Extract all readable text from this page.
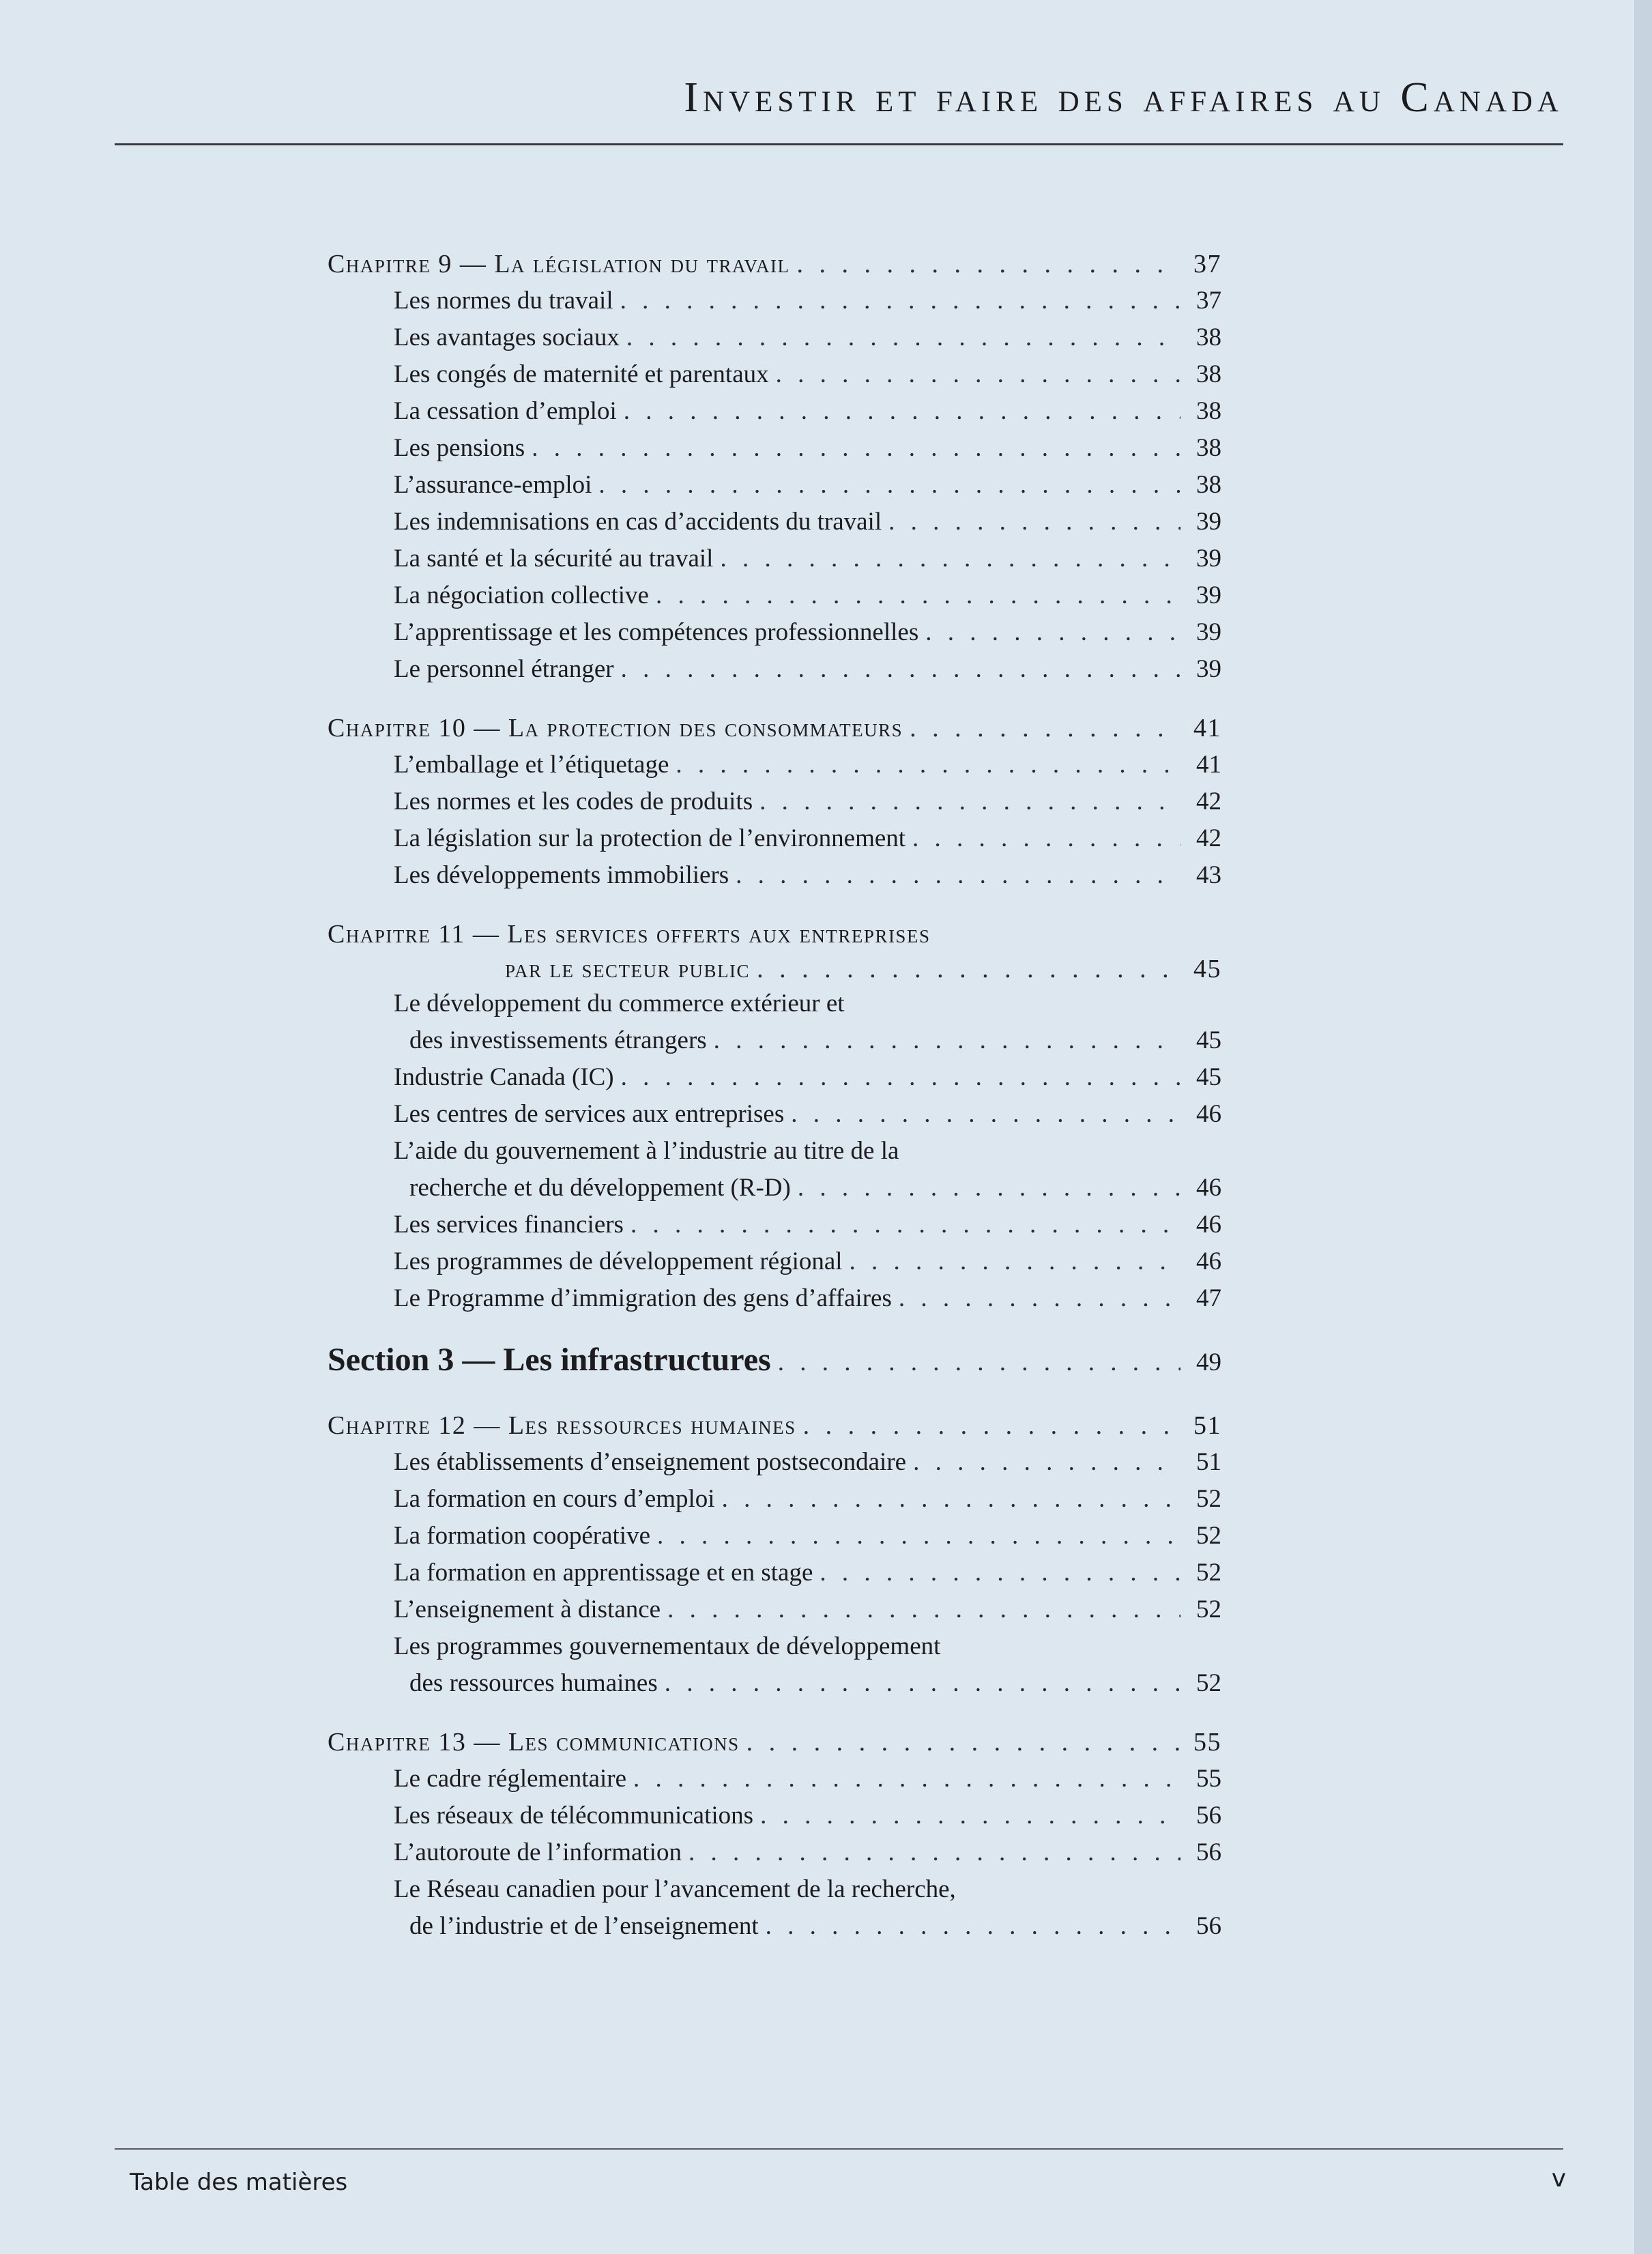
Investir et faire des affaires au Canada
Chapitre 9 — La législation du travail . . .	37
Les normes du travail . . .	37
Les avantages sociaux . . .	38
Les congés de maternité et parentaux . . .	38
La cessation d’emploi . . .	38
Les pensions . . .	38
L’assurance-emploi . . .	38
Les indemnisations en cas d’accidents du travail . . .	39
La santé et la sécurité au travail . . .	39
La négociation collective . . .	39
L’apprentissage et les compétences professionnelles . . .	39
Le personnel étranger . . .	39
Chapitre 10 — La protection des consommateurs . . .	41
L’emballage et l’étiquetage . . .	41
Les normes et les codes de produits . . .	42
La législation sur la protection de l’environnement . . .	42
Les développements immobiliers . . .	43
Chapitre 11 — Les services offerts aux entreprises
par le secteur public . . .	45
Le développement du commerce extérieur et
des investissements étrangers . . .	45
Industrie Canada (IC) . . .	45
Les centres de services aux entreprises . . .	46
L’aide du gouvernement à l’industrie au titre de la
recherche et du développement (R-D) . . .	46
Les services financiers . . .	46
Les programmes de développement régional . . .	46
Le Programme d’immigration des gens d’affaires . . .	47
Section 3 — Les infrastructures . . .	49
Chapitre 12 — Les ressources humaines . . .	51
Les établissements d’enseignement postsecondaire . . .	51
La formation en cours d’emploi . . .	52
La formation coopérative . . .	52
La formation en apprentissage et en stage . . .	52
L’enseignement à distance . . .	52
Les programmes gouvernementaux de développement
des ressources humaines . . .	52
Chapitre 13 — Les communications . . .	55
Le cadre réglementaire . . .	55
Les réseaux de télécommunications . . .	56
L’autoroute de l’information . . .	56
Le Réseau canadien pour l’avancement de la recherche,
de l’industrie et de l’enseignement . . .	56
Table des matières	v
